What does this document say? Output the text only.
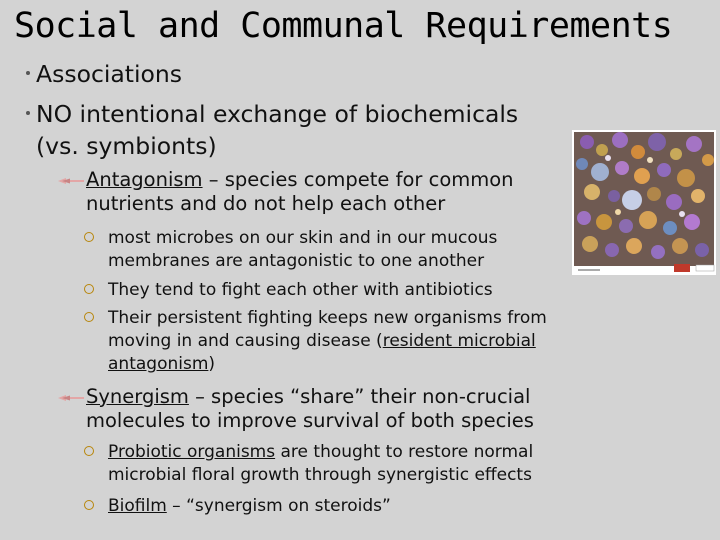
Social and Communal Requirements
Associations
NO intentional exchange of biochemicals
(vs. symbionts)
Antagonism – species compete for common
nutrients and do not help each other
most microbes on our skin and in our mucous
membranes are antagonistic to one another
They tend to fight each other with antibiotics
Their persistent fighting keeps new organisms from
moving in and causing disease (resident microbial
antagonism)
Synergism – species “share” their non-crucial
molecules to improve survival of both species
Probiotic organisms are thought to restore normal
microbial floral growth through synergistic effects
Biofilm – “synergism on steroids”
